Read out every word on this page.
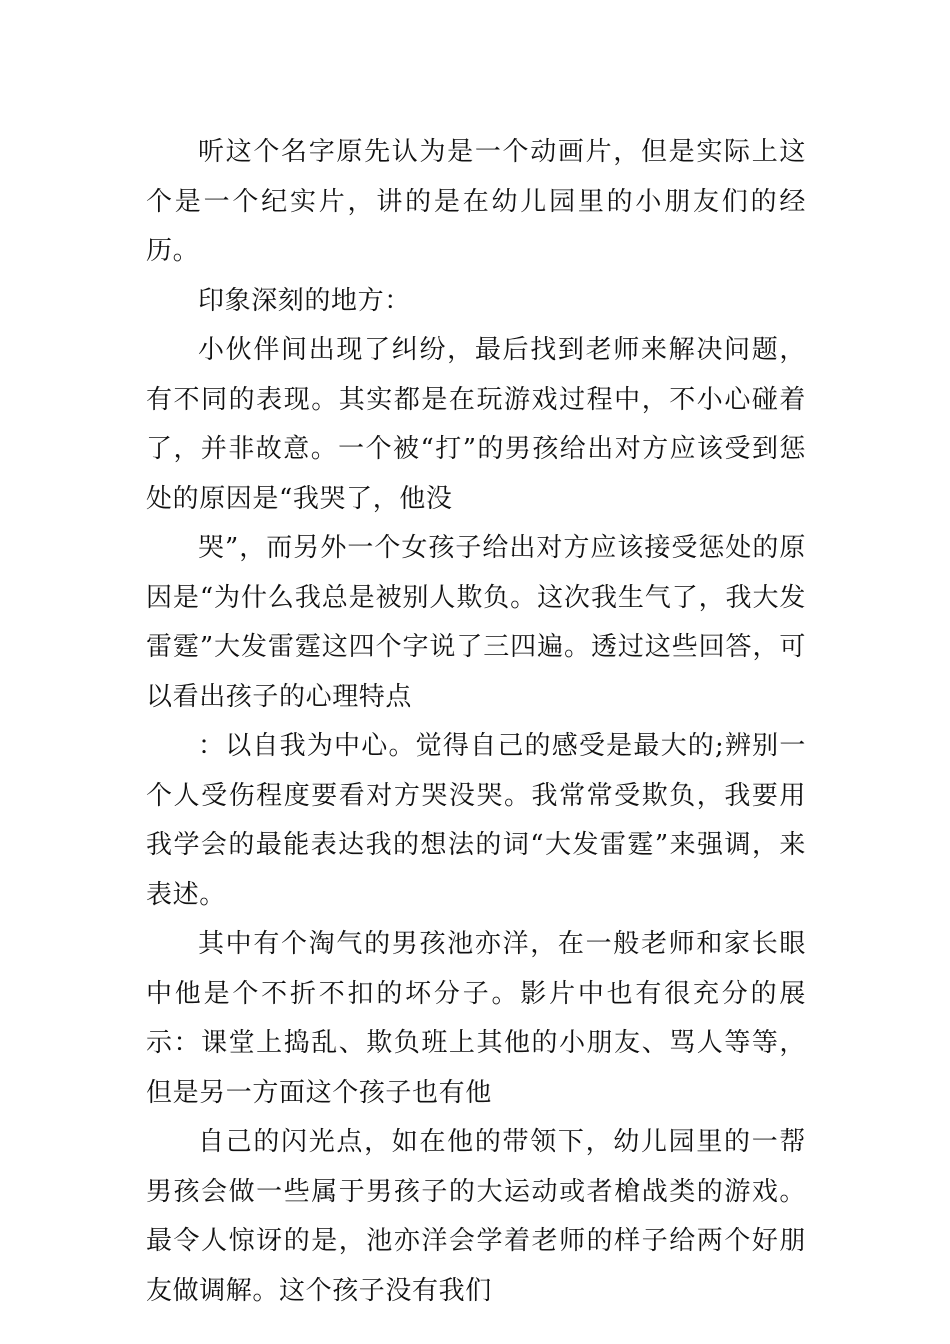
听这个名字原先认为是一个动画片，但是实际上这个是一个纪实片，讲的是在幼儿园里的小朋友们的经历。

印象深刻的地方：

小伙伴间出现了纠纷，最后找到老师来解决问题，有不同的表现。其实都是在玩游戏过程中，不小心碰着了，并非故意。一个被“打”的男孩给出对方应该受到惩处的原因是“我哭了，他没

哭”，而另外一个女孩子给出对方应该接受惩处的原因是“为什么我总是被别人欺负。这次我生气了，我大发雷霆”大发雷霆这四个字说了三四遍。透过这些回答，可以看出孩子的心理特点

：以自我为中心。觉得自己的感受是最大的;辨别一个人受伤程度要看对方哭没哭。我常常受欺负，我要用我学会的最能表达我的想法的词“大发雷霆”来强调，来表述。

其中有个淘气的男孩池亦洋，在一般老师和家长眼中他是个不折不扣的坏分子。影片中也有很充分的展示：课堂上捣乱、欺负班上其他的小朋友、骂人等等，但是另一方面这个孩子也有他

自己的闪光点，如在他的带领下，幼儿园里的一帮男孩会做一些属于男孩子的大运动或者槍战类的游戏。最令人惊讶的是，池亦洋会学着老师的样子给两个好朋友做调解。这个孩子没有我们
